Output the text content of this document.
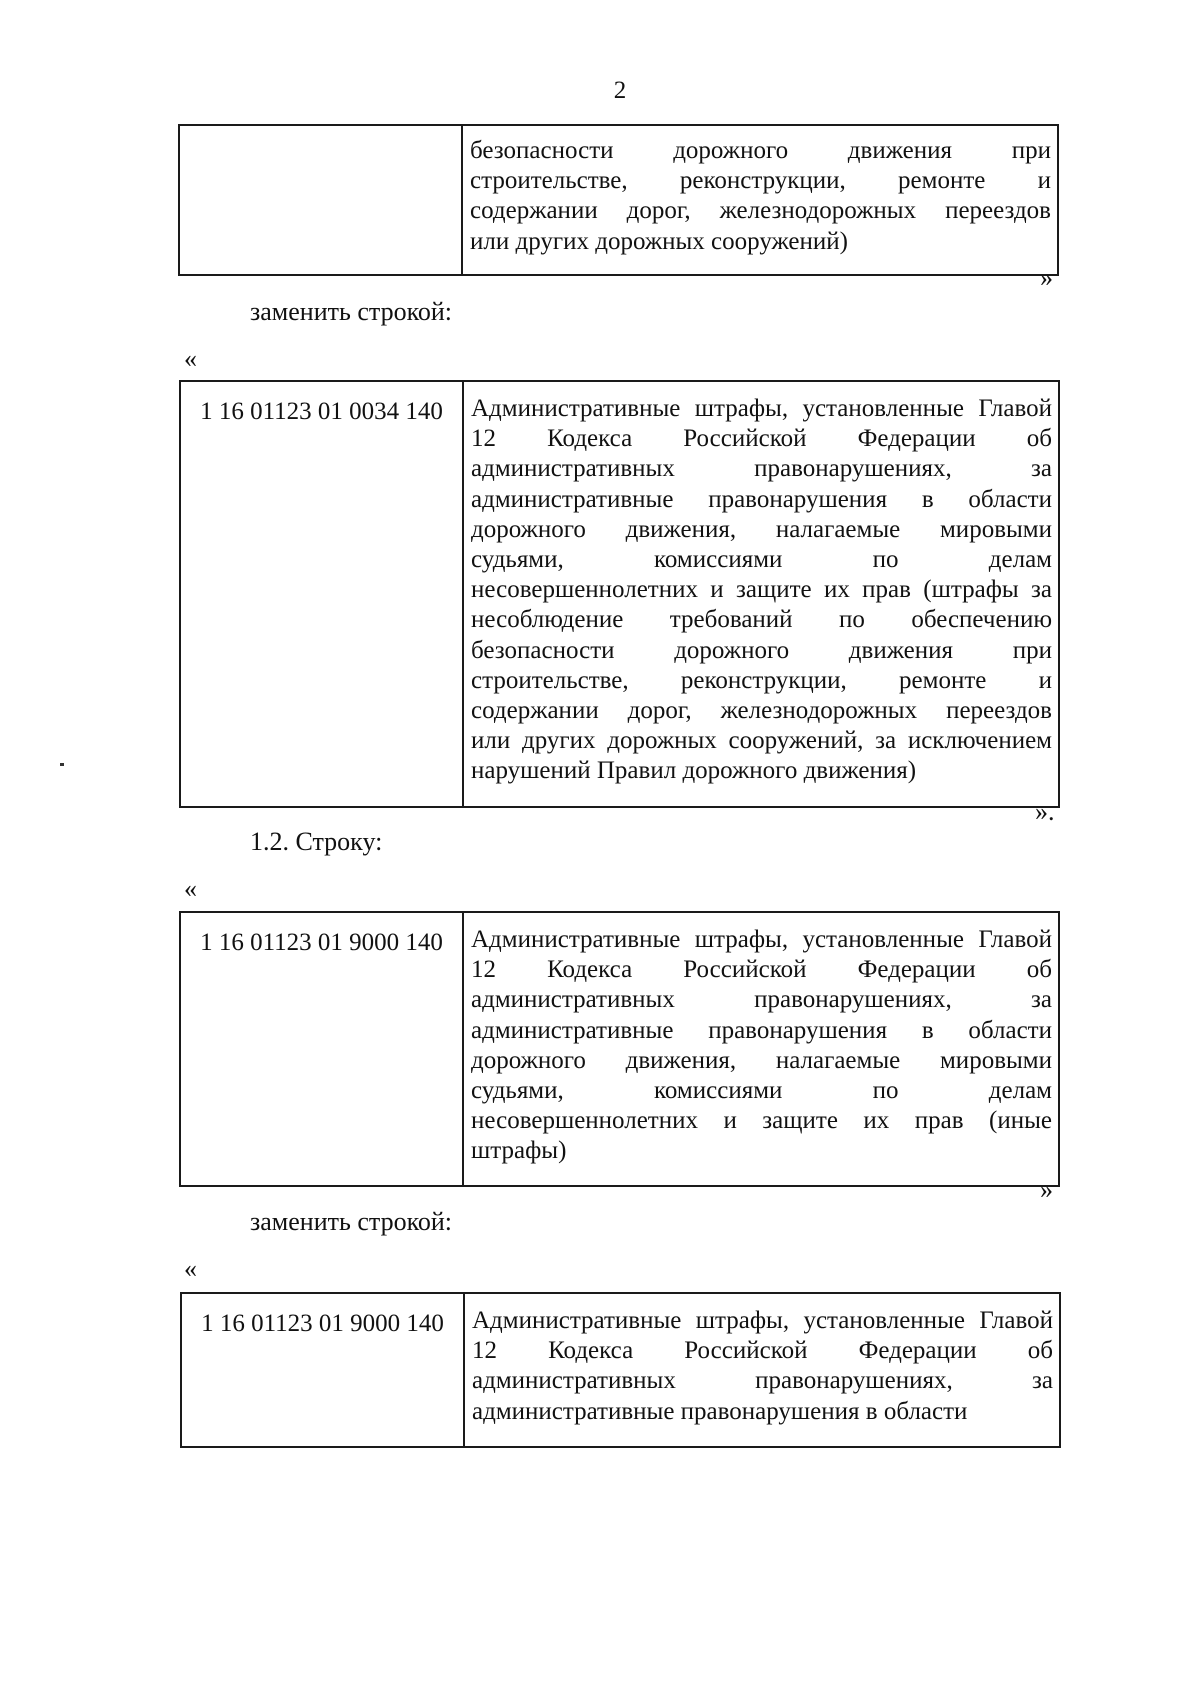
2

безопасности дорожного движения при
строительстве, реконструкции, ремонте и
содержании дорог, железнодорожных переездов
или других дорожных сооружений)
»
заменить строкой:
«
1 16 01123 01 0034 140	Административные штрафы, установленные Главой
12 Кодекса Российской Федерации об
административных правонарушениях, за
административные правонарушения в области
дорожного движения, налагаемые мировыми
судьями, комиссиями по делам
несовершеннолетних и защите их прав (штрафы за
несоблюдение требований по обеспечению
безопасности дорожного движения при
строительстве, реконструкции, ремонте и
содержании дорог, железнодорожных переездов
или других дорожных сооружений, за исключением
нарушений Правил дорожного движения)
».
1.2. Строку:
«
1 16 01123 01 9000 140	Административные штрафы, установленные Главой
12 Кодекса Российской Федерации об
административных правонарушениях, за
административные правонарушения в области
дорожного движения, налагаемые мировыми
судьями, комиссиями по делам
несовершеннолетних и защите их прав (иные
штрафы)
»
заменить строкой:
«
1 16 01123 01 9000 140	Административные штрафы, установленные Главой
12 Кодекса Российской Федерации об
административных правонарушениях, за
административные правонарушения в области
